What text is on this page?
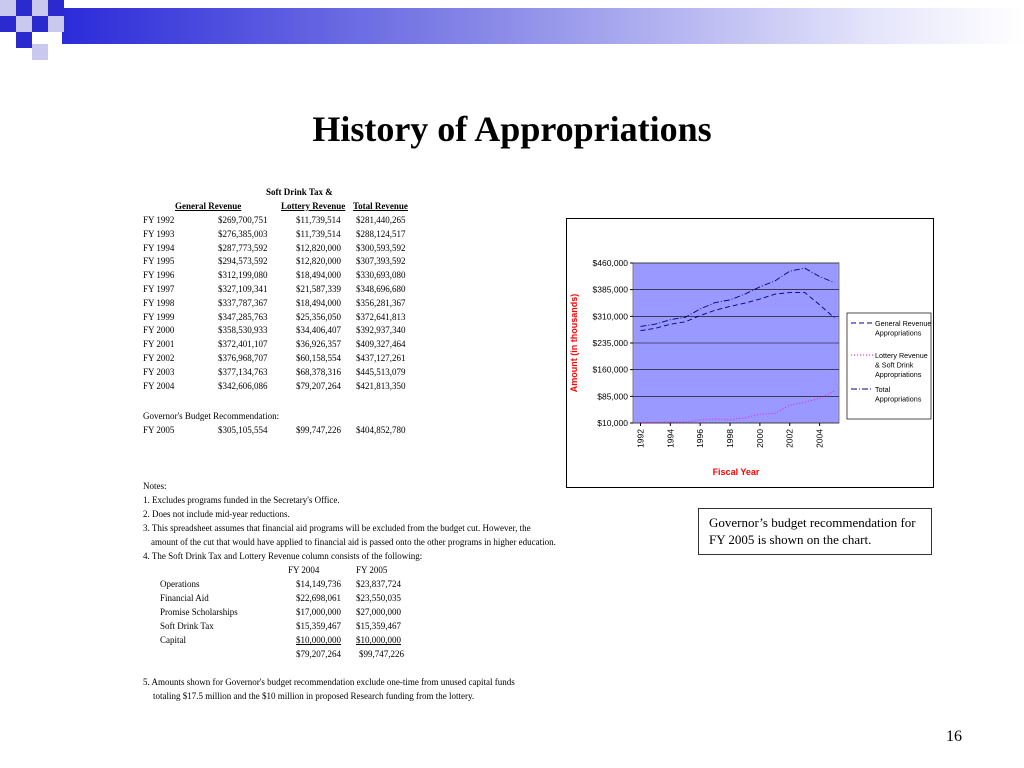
History of Appropriations
Soft Drink Tax &
General Revenue	Lottery Revenue Total Revenue
FY 1992	$269,700,751	$11,739,514 $281,440,265
FY 1993	$276,385,003	$11,739,514 $288,124,517
FY 1994	$287,773,592	$12,820,000 $300,593,592
FY 1995	$294,573,592	$12,820,000 $307,393,592
FY 1996	$312,199,080	$18,494,000 $330,693,080
FY 1997	$327,109,341	$21,587,339 $348,696,680
FY 1998	$337,787,367	$18,494,000 $356,281,367
FY 1999	$347,285,763	$25,356,050 $372,641,813
FY 2000	$358,530,933	$34,406,407 $392,937,340
FY 2001	$372,401,107	$36,926,357 $409,327,464
FY 2002	$376,968,707	$60,158,554 $437,127,261
FY 2003	$377,134,763	$68,378,316 $445,513,079
FY 2004	$342,606,086	$79,207,264 $421,813,350
Governor's Budget Recommendation:
FY 2005	$305,105,554	$99,747,226 $404,852,780
Notes:
1. Excludes programs funded in the Secretary's Office.
2. Does not include mid-year reductions.
3. This spreadsheet assumes that financial aid programs will be excluded from the budget cut. However, the
amount of the cut that would have applied to financial aid is passed onto the other programs in higher education.
4. The Soft Drink Tax and Lottery Revenue column consists of the following:
FY 2004	FY 2005
Operations	$14,149,736 $23,837,724
Financial Aid	$22,698,061 $23,550,035
Promise Scholarships	$17,000,000 $27,000,000
Soft Drink Tax	$15,359,467 $15,359,467
Capital	$10,000,000 $10,000,000
$79,207,264 $99,747,226
5. Amounts shown for Governor's budget recommendation exclude one-time from unused capital funds
totaling $17.5 million and the $10 million in proposed Research funding from the lottery.
$460,000
$385,000
$310,000
$235,000
$160,000
$85,000
$10,000
1992 1994 1996 1998 2000 2002 2004
Fiscal Year
Amount (in thousands)	General Revenue
Appropriations
Lottery Revenue
& Soft Drink
Appropriations
Total
Appropriations
Governor’s budget recommendation for FY 2005 is shown on the chart.
16
